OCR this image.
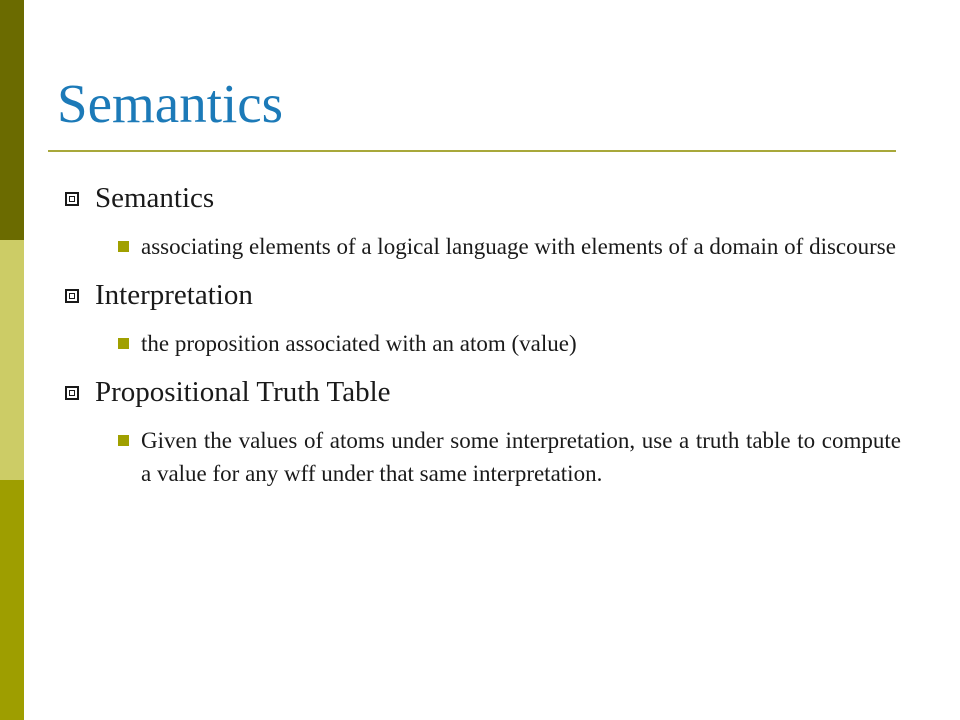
Semantics
Semantics
associating elements of a logical language with elements of a domain of discourse
Interpretation
the proposition associated with an atom (value)
Propositional Truth Table
Given the values of atoms under some interpretation, use a truth table to compute a value for any wff under that same interpretation.
